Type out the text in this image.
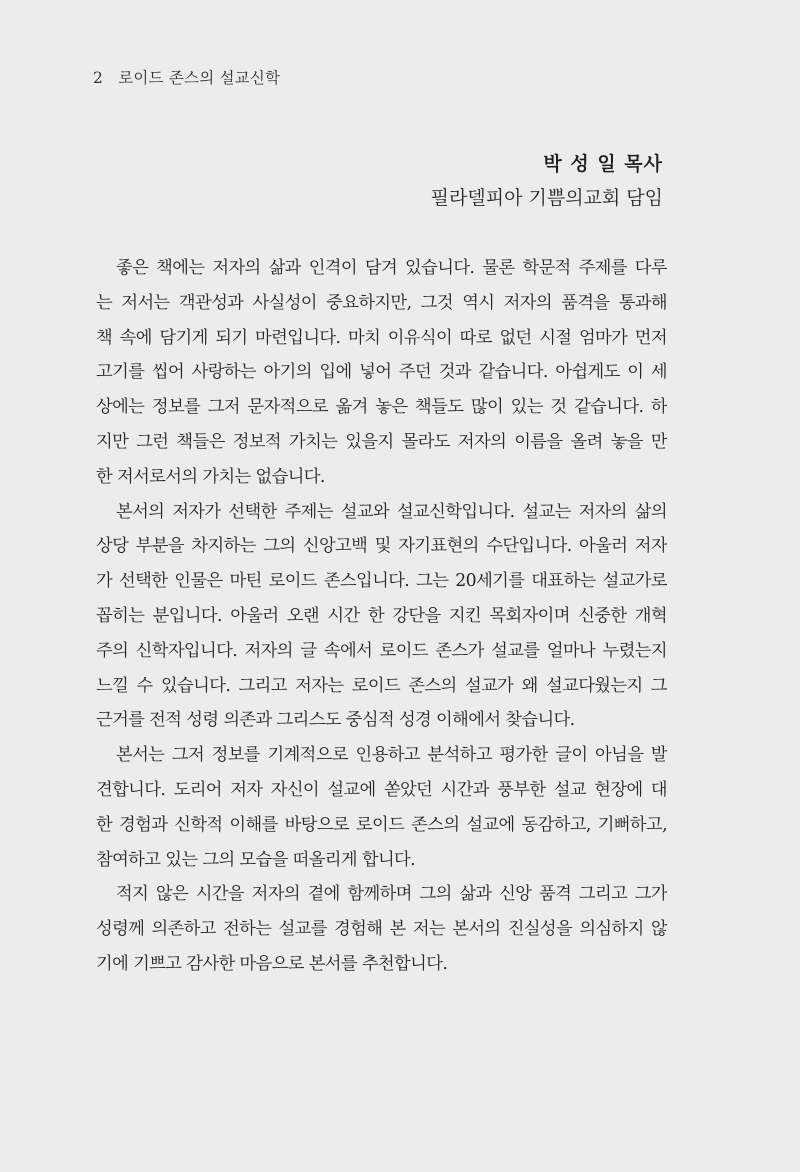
2 로이드 존스의 설교신학
박 성 일 목사
필라델피아 기쁨의교회 담임
좋은 책에는 저자의 삶과 인격이 담겨 있습니다. 물론 학문적 주제를 다루
는 저서는 객관성과 사실성이 중요하지만, 그것 역시 저자의 품격을 통과해
책 속에 담기게 되기 마련입니다. 마치 이유식이 따로 없던 시절 엄마가 먼저
고기를 씹어 사랑하는 아기의 입에 넣어 주던 것과 같습니다. 아쉽게도 이 세
상에는 정보를 그저 문자적으로 옮겨 놓은 책들도 많이 있는 것 같습니다. 하
지만 그런 책들은 정보적 가치는 있을지 몰라도 저자의 이름을 올려 놓을 만
한 저서로서의 가치는 없습니다.
본서의 저자가 선택한 주제는 설교와 설교신학입니다. 설교는 저자의 삶의
상당 부분을 차지하는 그의 신앙고백 및 자기표현의 수단입니다. 아울러 저자
가 선택한 인물은 마틴 로이드 존스입니다. 그는 20세기를 대표하는 설교가로
꼽히는 분입니다. 아울러 오랜 시간 한 강단을 지킨 목회자이며 신중한 개혁
주의 신학자입니다. 저자의 글 속에서 로이드 존스가 설교를 얼마나 누렸는지
느낄 수 있습니다. 그리고 저자는 로이드 존스의 설교가 왜 설교다웠는지 그
근거를 전적 성령 의존과 그리스도 중심적 성경 이해에서 찾습니다.
본서는 그저 정보를 기계적으로 인용하고 분석하고 평가한 글이 아님을 발
견합니다. 도리어 저자 자신이 설교에 쏟았던 시간과 풍부한 설교 현장에 대
한 경험과 신학적 이해를 바탕으로 로이드 존스의 설교에 동감하고, 기뻐하고,
참여하고 있는 그의 모습을 떠올리게 합니다.
적지 않은 시간을 저자의 곁에 함께하며 그의 삶과 신앙 품격 그리고 그가
성령께 의존하고 전하는 설교를 경험해 본 저는 본서의 진실성을 의심하지 않
기에 기쁘고 감사한 마음으로 본서를 추천합니다.
